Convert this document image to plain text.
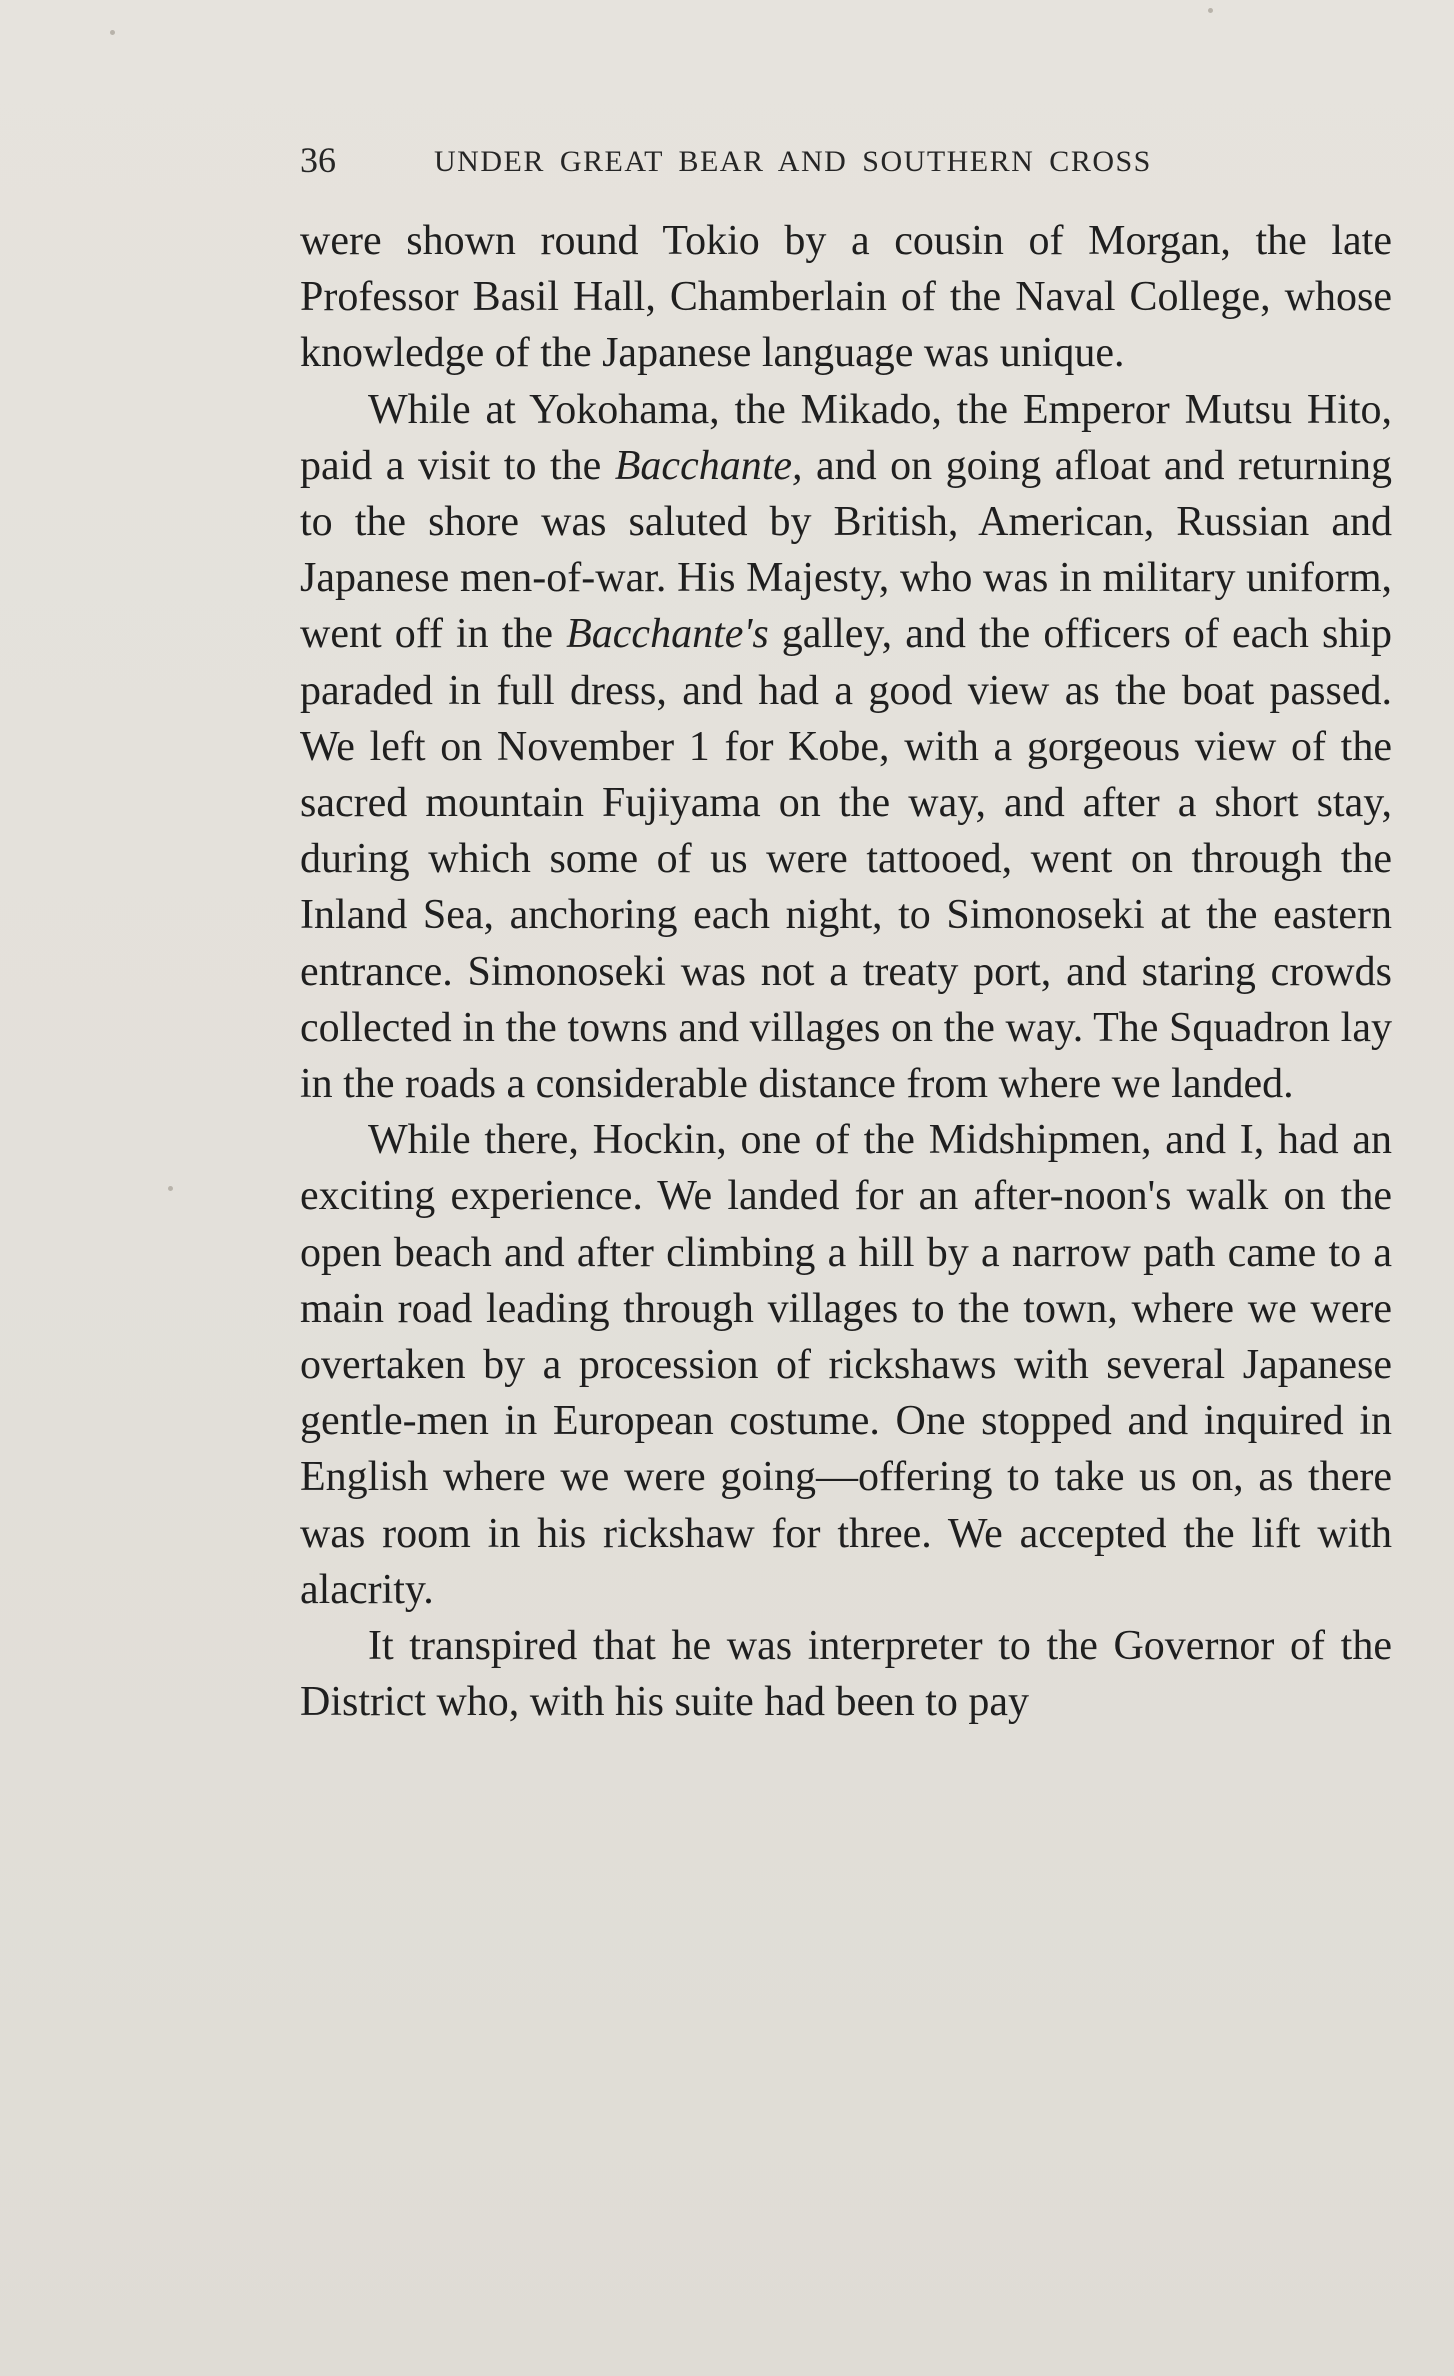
36	UNDER GREAT BEAR AND SOUTHERN CROSS

were shown round Tokio by a cousin of Morgan, the late Professor Basil Hall, Chamberlain of the Naval College, whose knowledge of the Japanese language was unique.

While at Yokohama, the Mikado, the Emperor Mutsu Hito, paid a visit to the Bacchante, and on going afloat and returning to the shore was saluted by British, American, Russian and Japanese men-of-war. His Majesty, who was in military uniform, went off in the Bacchante's galley, and the officers of each ship paraded in full dress, and had a good view as the boat passed. We left on November 1 for Kobe, with a gorgeous view of the sacred mountain Fujiyama on the way, and after a short stay, during which some of us were tattooed, went on through the Inland Sea, anchoring each night, to Simonoseki at the eastern entrance. Simonoseki was not a treaty port, and staring crowds collected in the towns and villages on the way. The Squadron lay in the roads a considerable distance from where we landed.

While there, Hockin, one of the Midshipmen, and I, had an exciting experience. We landed for an after-noon's walk on the open beach and after climbing a hill by a narrow path came to a main road leading through villages to the town, where we were overtaken by a procession of rickshaws with several Japanese gentle-men in European costume. One stopped and inquired in English where we were going—offering to take us on, as there was room in his rickshaw for three. We accepted the lift with alacrity.

It transpired that he was interpreter to the Governor of the District who, with his suite had been to pay
